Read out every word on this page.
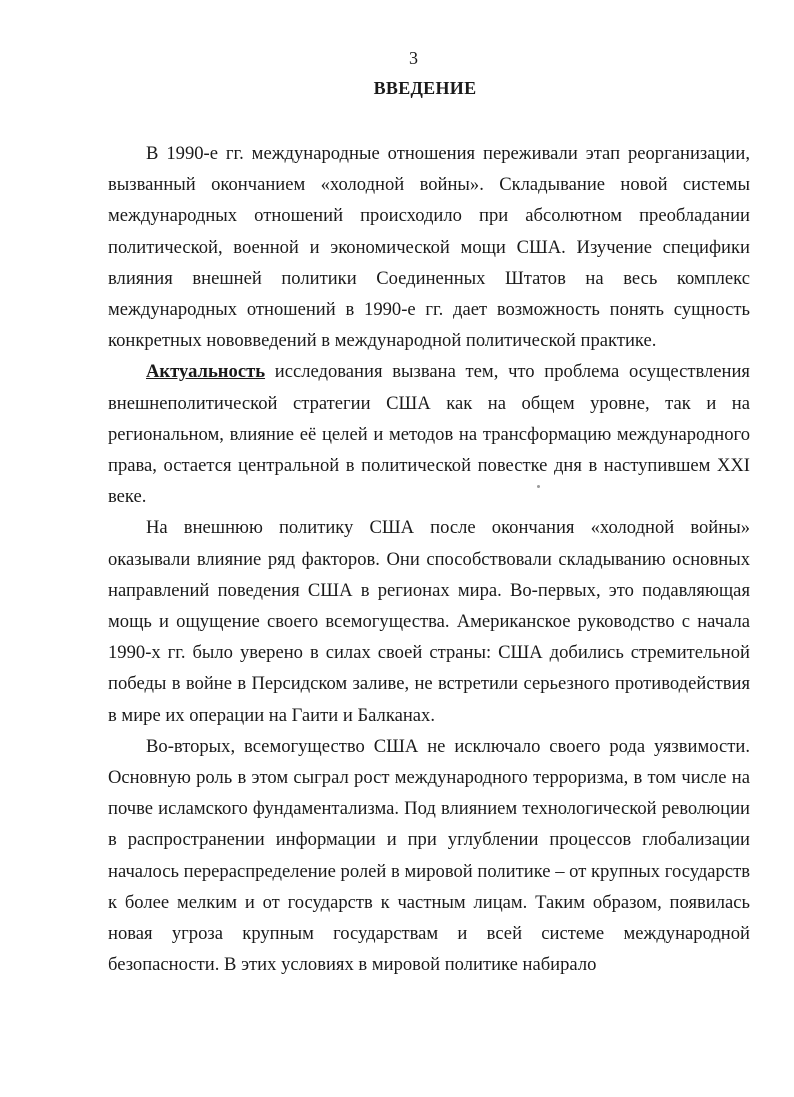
3
ВВЕДЕНИЕ

В 1990-е гг. международные отношения переживали этап реорганизации, вызванный окончанием «холодной войны». Складывание новой системы международных отношений происходило при абсолютном преобладании политической, военной и экономической мощи США. Изучение специфики влияния внешней политики Соединенных Штатов на весь комплекс международных отношений в 1990-е гг. дает возможность понять сущность конкретных нововведений в международной политической практике.

Актуальность исследования вызвана тем, что проблема осуществления внешнеполитической стратегии США как на общем уровне, так и на региональном, влияние её целей и методов на трансформацию международного права, остается центральной в политической повестке дня в наступившем XXI веке.

На внешнюю политику США после окончания «холодной войны» оказывали влияние ряд факторов. Они способствовали складыванию основных направлений поведения США в регионах мира. Во-первых, это подавляющая мощь и ощущение своего всемогущества. Американское руководство с начала 1990-х гг. было уверено в силах своей страны: США добились стремительной победы в войне в Персидском заливе, не встретили серьезного противодействия в мире их операции на Гаити и Балканах.

Во-вторых, всемогущество США не исключало своего рода уязвимости. Основную роль в этом сыграл рост международного терроризма, в том числе на почве исламского фундаментализма. Под влиянием технологической революции в распространении информации и при углублении процессов глобализации началось перераспределение ролей в мировой политике – от крупных государств к более мелким и от государств к частным лицам. Таким образом, появилась новая угроза крупным государствам и всей системе международной безопасности. В этих условиях в мировой политике набирало
